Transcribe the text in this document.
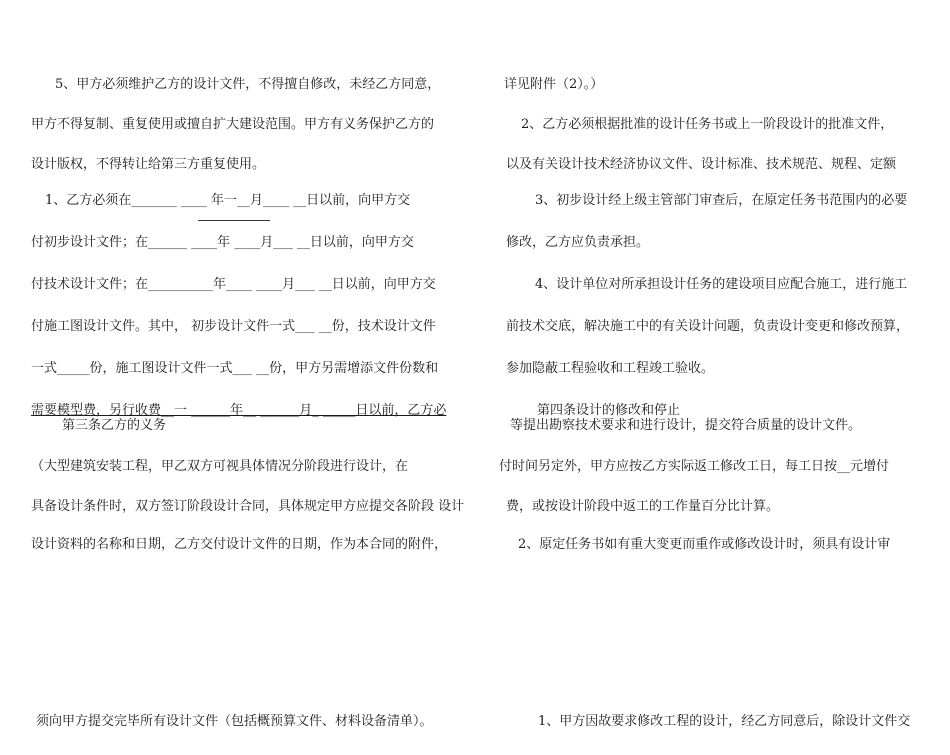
5、甲方必须维护乙方的设计文件，不得擅自修改，未经乙方同意，
甲方不得复制、重复使用或擅自扩大建设范围。甲方有义务保护乙方的
设计版权，不得转让给第三方重复使用。
1、乙方必须在_______ ____ 年一__月____ __日以前，向甲方交
付初步设计文件；在______ ____年 ____月___ __日以前，向甲方交
付技术设计文件；在__________年____ ____月___ __日以前，向甲方交
付施工图设计文件。其中， 初步设计文件一式___ __份，技术设计文件
一式_____份，施工图设计文件一式___ __份，甲方另需增添文件份数和
需要模型费，另行收费__一 ______年__ ______月_ _____日以前，乙方必
第三条乙方的义务
（大型建筑安装工程，甲乙双方可视具体情况分阶段进行设计，在
具备设计条件时，双方签订阶段设计合同，具体规定甲方应提交各阶段 设计
设计资料的名称和日期，乙方交付设计文件的日期，作为本合同的附件，
须向甲方提交完毕所有设计文件（包括概预算文件、材料设备清单）。
详见附件（2）。）
2、乙方必须根据批准的设计任务书或上一阶段设计的批准文件，
以及有关设计技术经济协议文件、设计标准、技术规范、规程、定额
3、初步设计经上级主管部门审查后，在原定任务书范围内的必要
修改，乙方应负责承担。
4、设计单位对所承担设计任务的建设项目应配合施工，进行施工
前技术交底，解决施工中的有关设计问题，负责设计变更和修改预算，
参加隐蔽工程验收和工程竣工验收。
第四条设计的修改和停止
等提出勘察技术要求和进行设计，提交符合质量的设计文件。
付时间另定外，甲方应按乙方实际返工修改工日，每工日按__元增付
费，或按设计阶段中返工的工作量百分比计算。
2、原定任务书如有重大变更而重作或修改设计时，须具有设计审
1、甲方因故要求修改工程的设计，经乙方同意后，除设计文件交
